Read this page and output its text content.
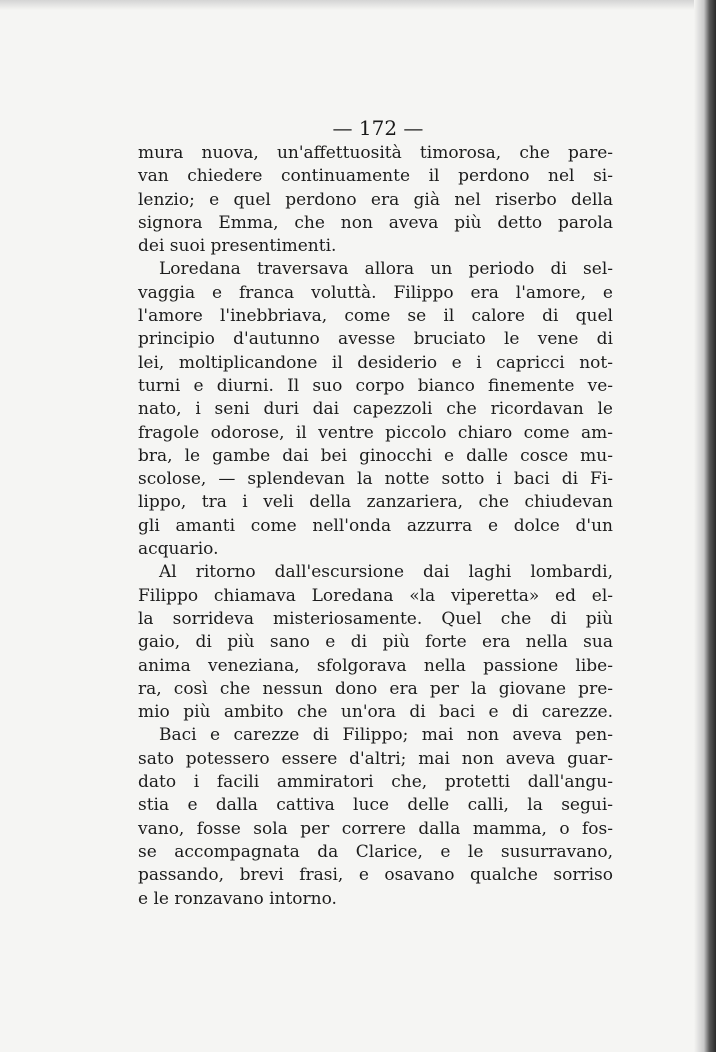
— 172 —
mura nuova, un'affettuosità timorosa, che pare-
van chiedere continuamente il perdono nel si-
lenzio; e quel perdono era già nel riserbo della
signora Emma, che non aveva più detto parola
dei suoi presentimenti.
Loredana traversava allora un periodo di sel-
vaggia e franca voluttà. Filippo era l'amore, e
l'amore l'inebbriava, come se il calore di quel
principio d'autunno avesse bruciato le vene di
lei, moltiplicandone il desiderio e i capricci not-
turni e diurni. Il suo corpo bianco finemente ve-
nato, i seni duri dai capezzoli che ricordavan le
fragole odorose, il ventre piccolo chiaro come am-
bra, le gambe dai bei ginocchi e dalle cosce mu-
scolose, — splendevan la notte sotto i baci di Fi-
lippo, tra i veli della zanzariera, che chiudevan
gli amanti come nell'onda azzurra e dolce d'un
acquario.
Al ritorno dall'escursione dai laghi lombardi,
Filippo chiamava Loredana «la viperetta» ed el-
la sorrideva misteriosamente. Quel che di più
gaio, di più sano e di più forte era nella sua
anima veneziana, sfolgorava nella passione libe-
ra, così che nessun dono era per la giovane pre-
mio più ambito che un'ora di baci e di carezze.
Baci e carezze di Filippo; mai non aveva pen-
sato potessero essere d'altri; mai non aveva guar-
dato i facili ammiratori che, protetti dall'angu-
stia e dalla cattiva luce delle calli, la segui-
vano, fosse sola per correre dalla mamma, o fos-
se accompagnata da Clarice, e le susurravano,
passando, brevi frasi, e osavano qualche sorriso
e le ronzavano intorno.
